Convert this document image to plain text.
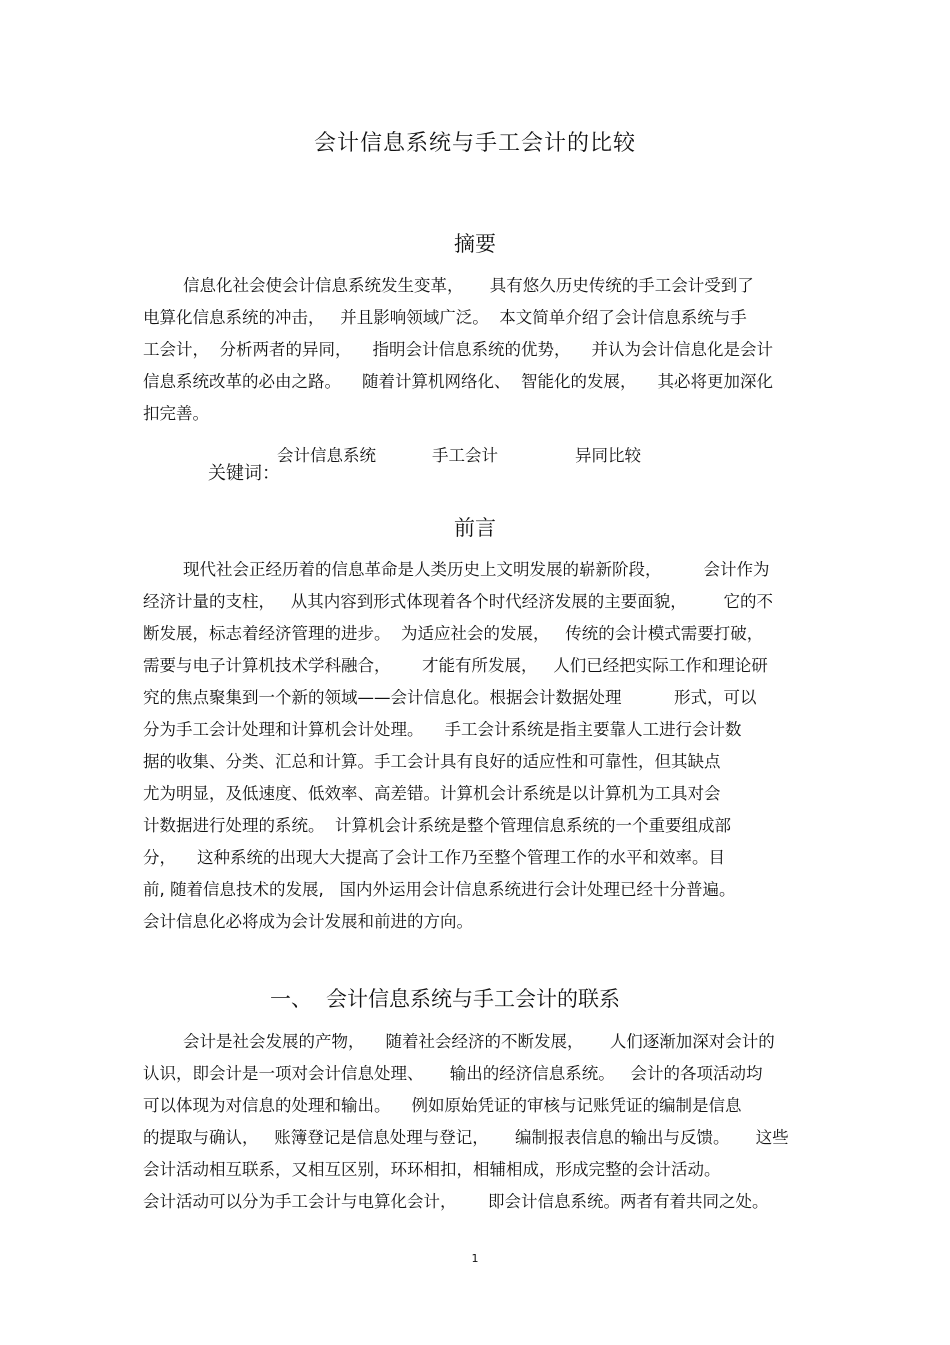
会计信息系统与手工会计的比较
摘要
信息化社会使会计信息系统发生变革，     具有悠久历史传统的手工会计受到了
电算化信息系统的冲击，   并且影响领域广泛。  本文简单介绍了会计信息系统与手
工会计，  分析两者的异同，    指明会计信息系统的优势，    并认为会计信息化是会计
信息系统改革的必由之路。    随着计算机网络化、  智能化的发展，    其必将更加深化
扣完善。

关键词：

会计信息系统

	手工会计

	异同比较

前言
现代社会正经历着的信息革命是人类历史上文明发展的崭新阶段，        会计作为
经济计量的支柱，   从其内容到形式体现着各个时代经济发展的主要面貌，       它的不
断发展，标志着经济管理的进步。  为适应社会的发展，   传统的会计模式需要打破，
需要与电子计算机技术学科融合，      才能有所发展，   人们已经把实际工作和理论研
究的焦点聚集到一个新的领域——会计信息化。根据会计数据处理          形式，可以
分为手工会计处理和计算机会计处理。    手工会计系统是指主要靠人工进行会计数
据的收集、分类、汇总和计算。手工会计具有良好的适应性和可靠性，但其缺点
尤为明显，及低速度、低效率、高差错。计算机会计系统是以计算机为工具对会
计数据进行处理的系统。  计算机会计系统是整个管理信息系统的一个重要组成部
分，    这种系统的出现大大提高了会计工作乃至整个管理工作的水平和效率。目
前, 随着信息技术的发展,   国内外运用会计信息系统进行会计处理已经十分普遍。
会计信息化必将成为会计发展和前进的方向。
一、 会计信息系统与手工会计的联系
会计是社会发展的产物，    随着社会经济的不断发展，     人们逐渐加深对会计的
认识，即会计是一项对会计信息处理、     输出的经济信息系统。   会计的各项活动均
可以体现为对信息的处理和输出。    例如原始凭证的审核与记账凭证的编制是信息
的提取与确认，   账簿登记是信息处理与登记，     编制报表信息的输出与反馈。     这些
会计活动相互联系，又相互区别，环环相扣，相辅相成，形成完整的会计活动。
会计活动可以分为手工会计与电算化会计，      即会计信息系统。两者有着共同之处。
1
